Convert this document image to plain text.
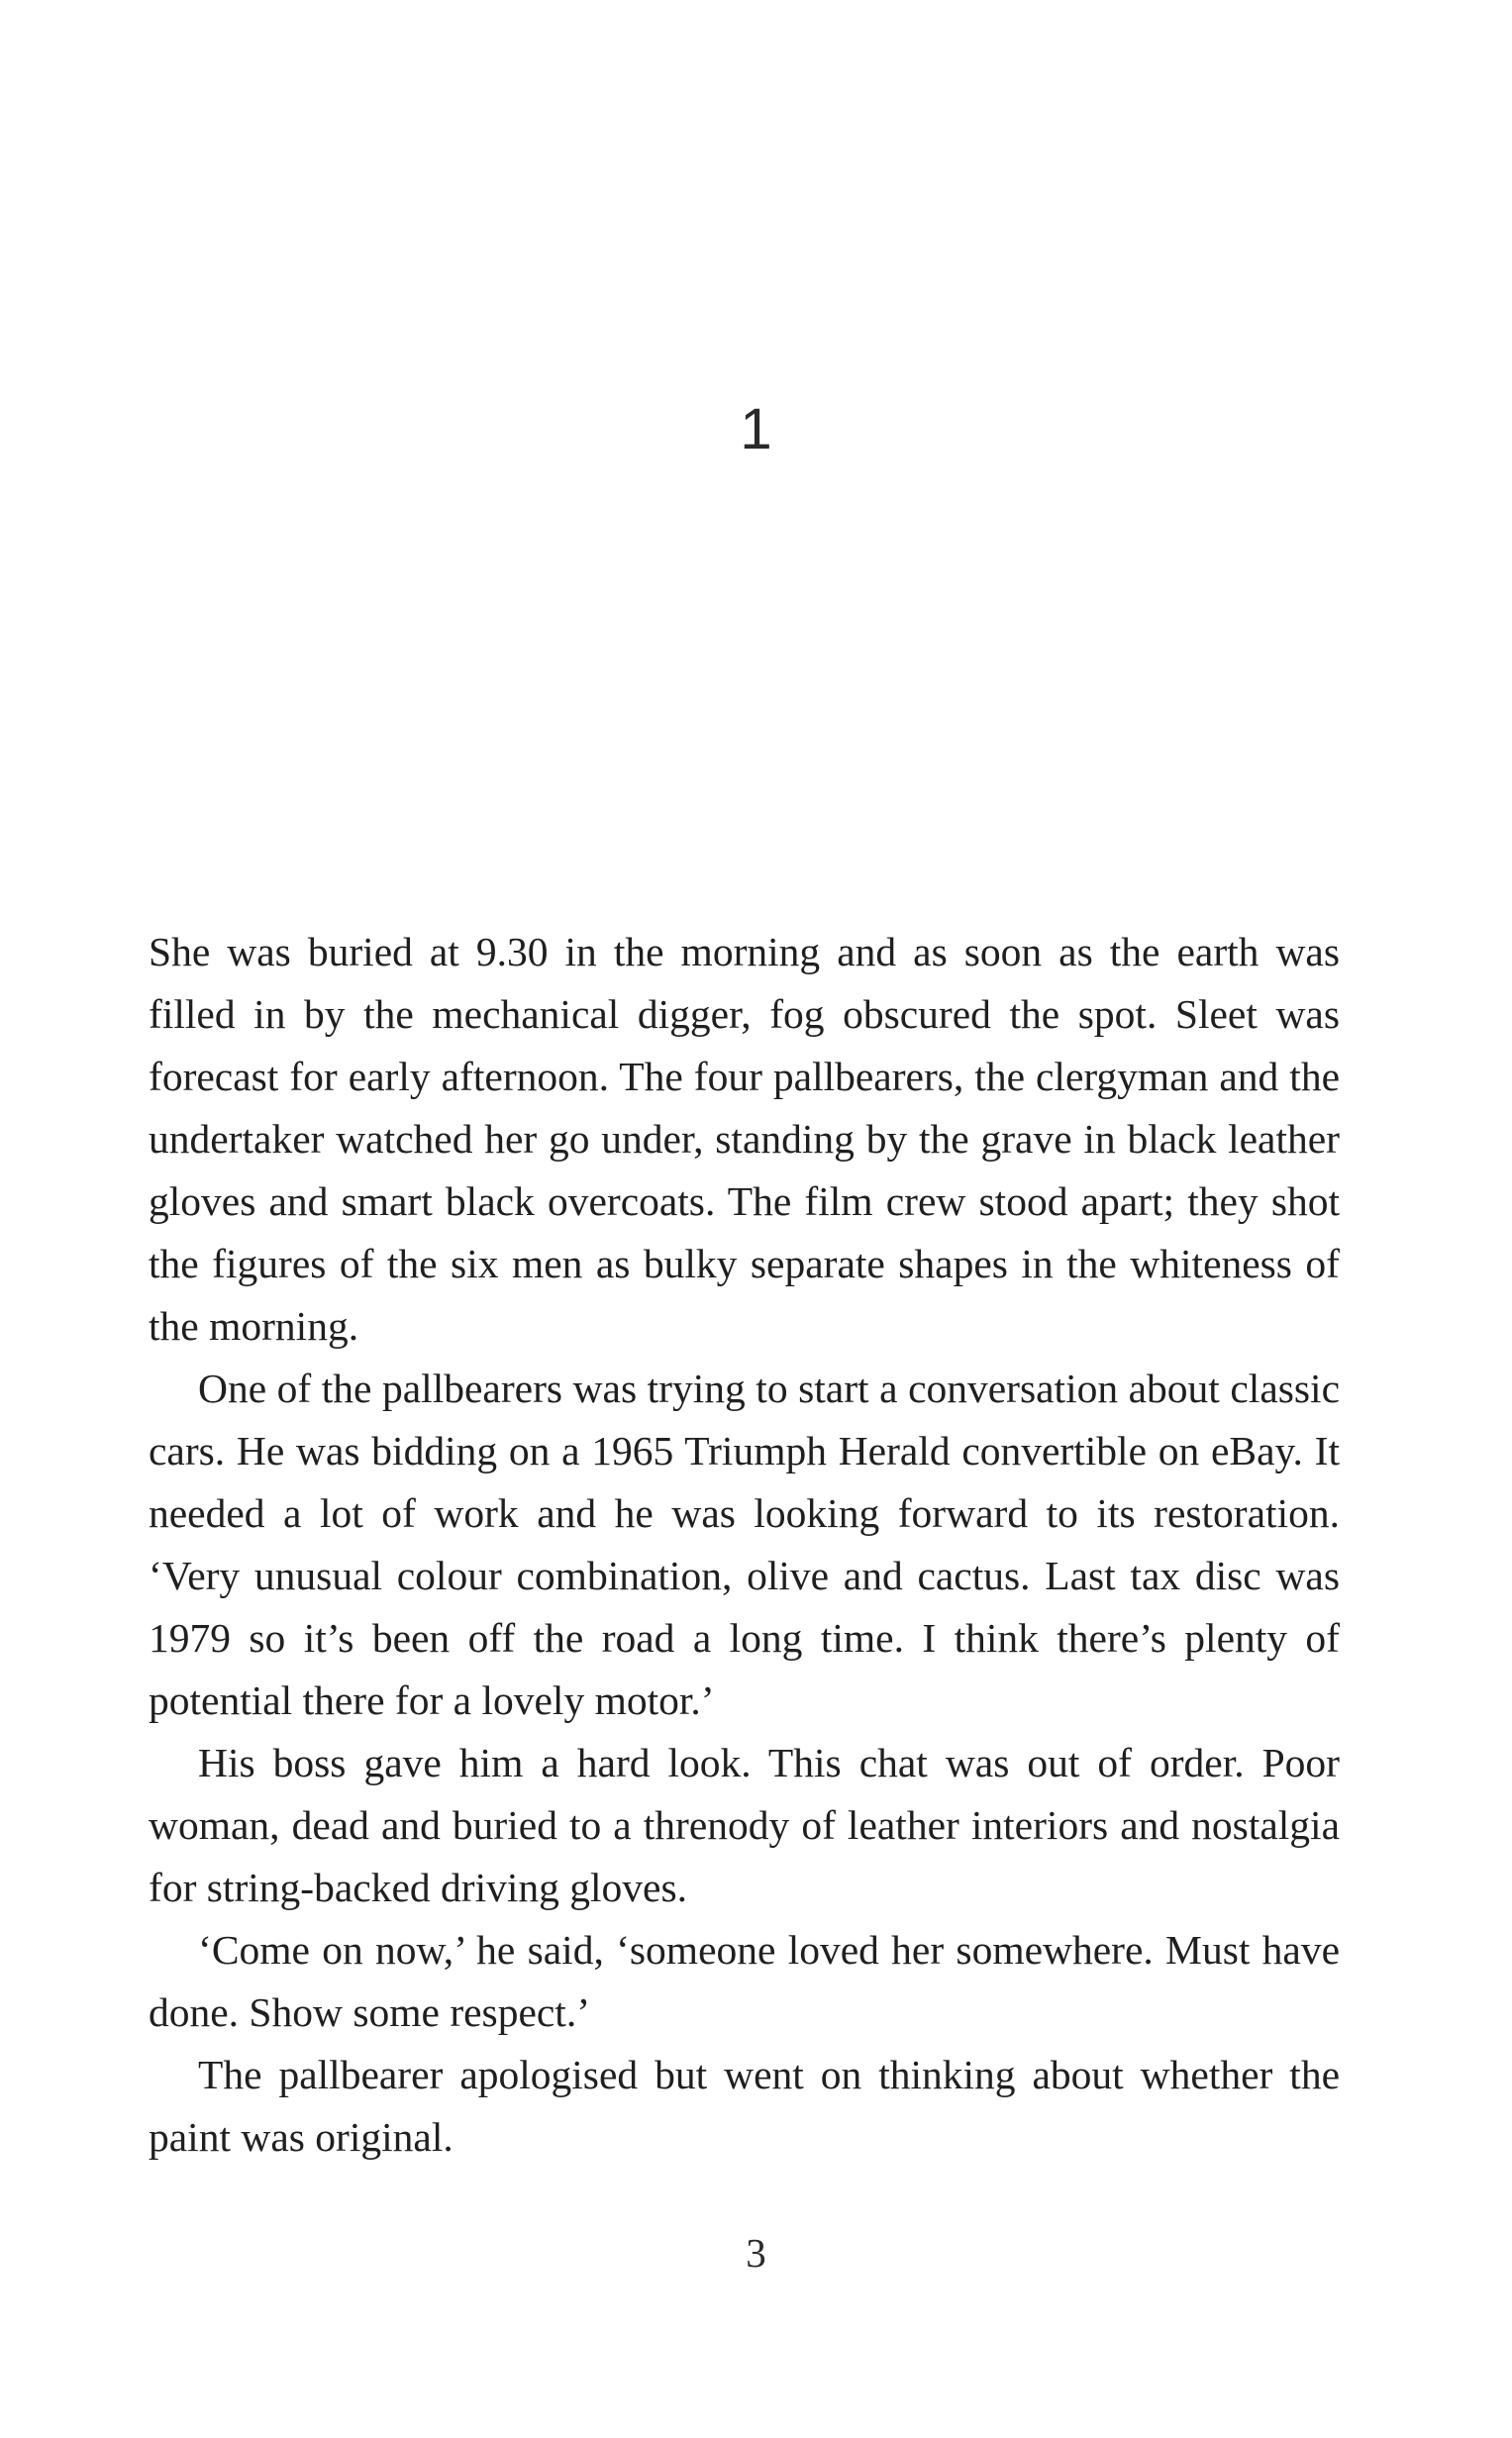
1

She was buried at 9.30 in the morning and as soon as the earth was filled in by the mechanical digger, fog obscured the spot. Sleet was forecast for early afternoon. The four pallbearers, the clergyman and the undertaker watched her go under, standing by the grave in black leather gloves and smart black overcoats. The film crew stood apart; they shot the figures of the six men as bulky separate shapes in the whiteness of the morning.

One of the pallbearers was trying to start a conversation about classic cars. He was bidding on a 1965 Triumph Herald convertible on eBay. It needed a lot of work and he was looking forward to its restoration. ‘Very unusual colour combination, olive and cactus. Last tax disc was 1979 so it’s been off the road a long time. I think there’s plenty of potential there for a lovely motor.’

His boss gave him a hard look. This chat was out of order. Poor woman, dead and buried to a threnody of leather interiors and nostalgia for string-backed driving gloves.

‘Come on now,’ he said, ‘someone loved her somewhere. Must have done. Show some respect.’

The pallbearer apologised but went on thinking about whether the paint was original.

3
